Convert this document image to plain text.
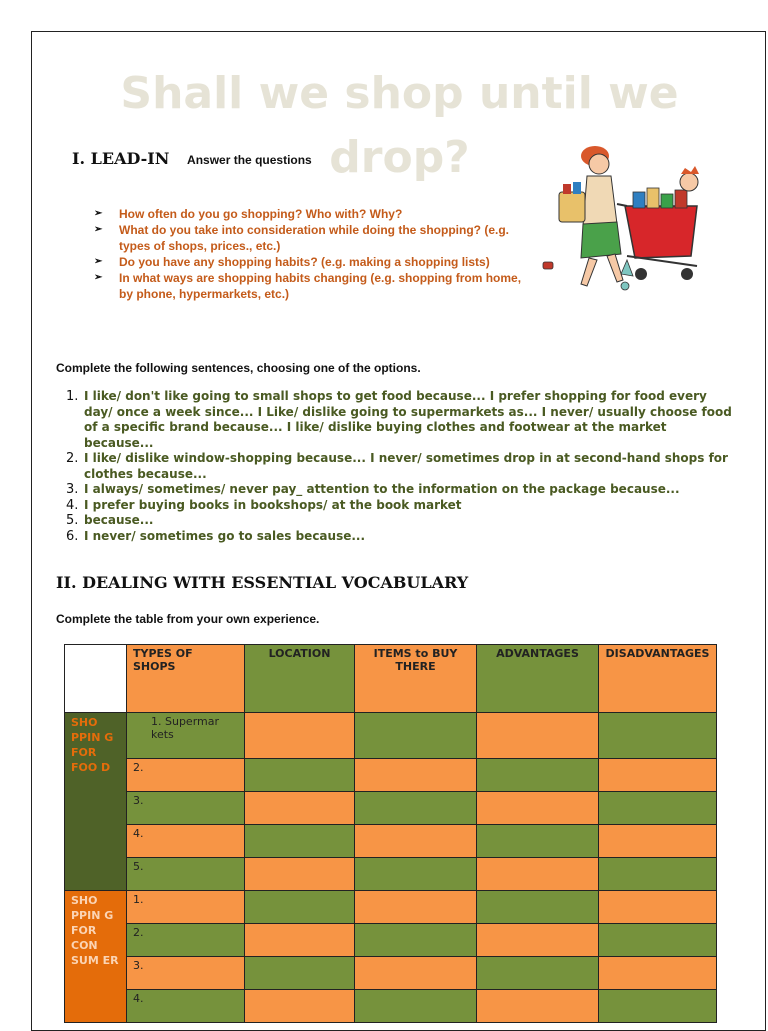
Shall we shop until we
drop?
I. LEAD-IN Answer the questions
➢ How often do you go shopping? Who with? Why?
➢ What do you take into consideration while doing the shopping? (e.g. types of shops, prices., etc.)
➢ Do you have any shopping habits? (e.g. making a shopping lists)
➢ In what ways are shopping habits changing (e.g. shopping from home, by phone, hypermarkets, etc.)

Complete the following sentences, choosing one of the options.

1. I like/ don't like going to small shops to get food because... I prefer shopping for food every day/ once a week since... I Like/ dislike going to supermarkets as... I never/ usually choose food of a specific brand because... I like/ dislike buying clothes and footwear at the market because...
2. I like/ dislike window-shopping because... I never/ sometimes drop in at second-hand shops for clothes because...
3. I always/ sometimes/ never pay_ attention to the information on the package because...
4. I prefer buying books in bookshops/ at the book market
5. because...
6. I never/ sometimes go to sales because...
II. DEALING WITH ESSENTIAL VOCABULARY

Complete the table from your own experience.

	TYPES OF SHOPS	LOCATION	ITEMS to BUY THERE	ADVANTAGES	DISADVANTAGES
SHO PPIN G FOR FOO D	1. Supermar kets				
	2.				
	3.				
	4.				
	5.				
SHO PPIN G FOR CON SUM ER	1.				
	2.				
	3.				
	4.				
